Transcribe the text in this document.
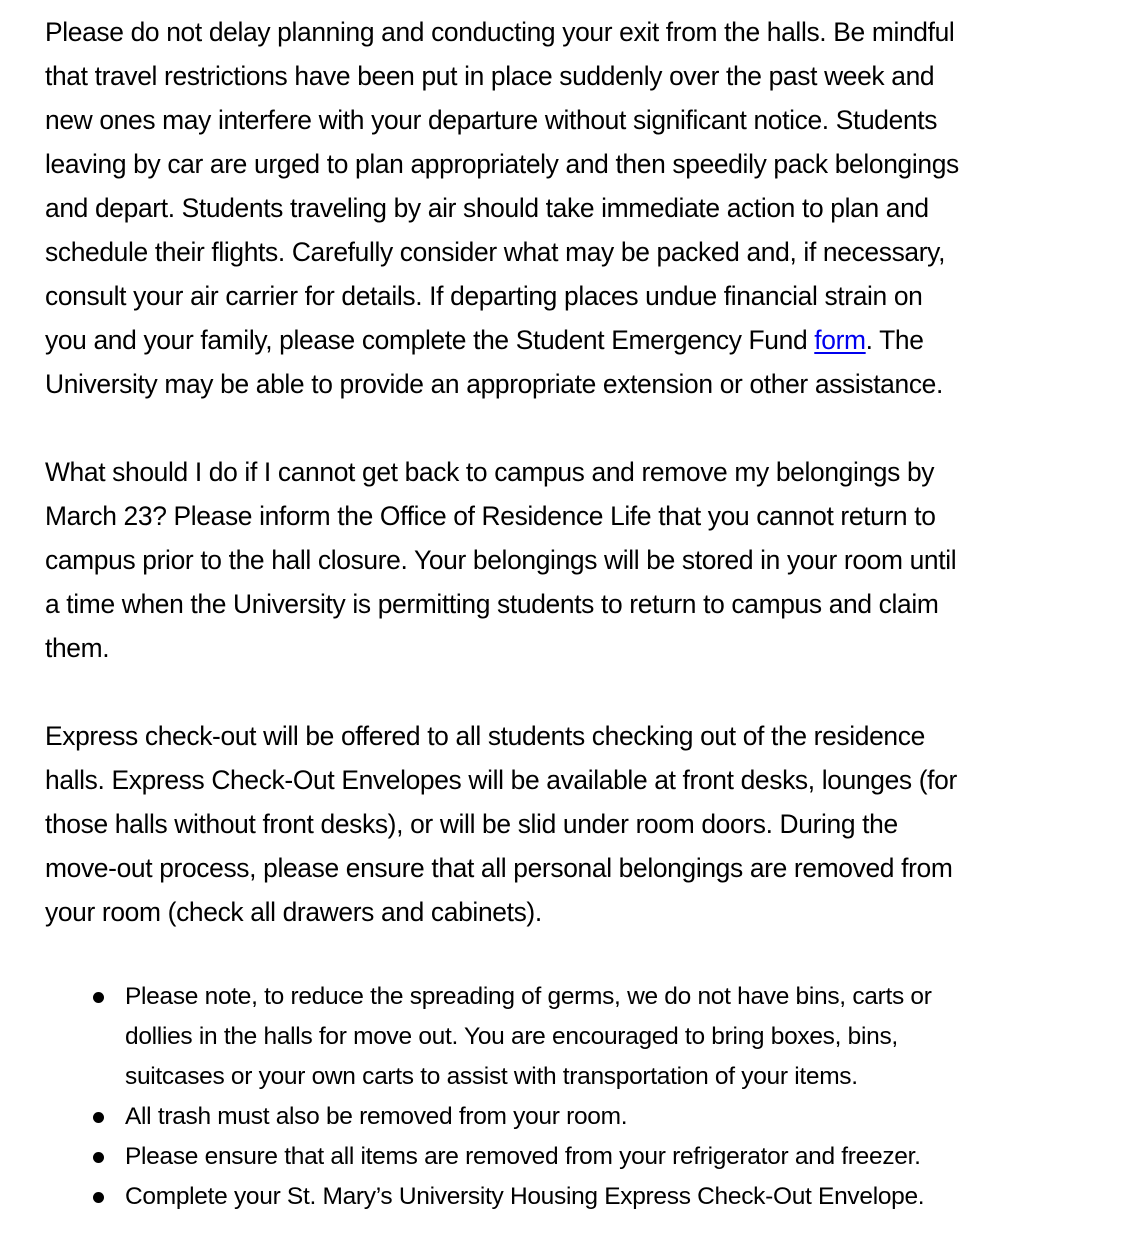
Please do not delay planning and conducting your exit from the halls. Be mindful
that travel restrictions have been put in place suddenly over the past week and
new ones may interfere with your departure without significant notice. Students
leaving by car are urged to plan appropriately and then speedily pack belongings
and depart. Students traveling by air should take immediate action to plan and
schedule their flights. Carefully consider what may be packed and, if necessary,
consult your air carrier for details. If departing places undue financial strain on
you and your family, please complete the Student Emergency Fund form. The
University may be able to provide an appropriate extension or other assistance.

What should I do if I cannot get back to campus and remove my belongings by
March 23? Please inform the Office of Residence Life that you cannot return to
campus prior to the hall closure. Your belongings will be stored in your room until
a time when the University is permitting students to return to campus and claim
them.

Express check-out will be offered to all students checking out of the residence
halls. Express Check-Out Envelopes will be available at front desks, lounges (for
those halls without front desks), or will be slid under room doors. During the
move-out process, please ensure that all personal belongings are removed from
your room (check all drawers and cabinets).

Please note, to reduce the spreading of germs, we do not have bins, carts or
dollies in the halls for move out. You are encouraged to bring boxes, bins,
suitcases or your own carts to assist with transportation of your items.
All trash must also be removed from your room.
Please ensure that all items are removed from your refrigerator and freezer.
Complete your St. Mary’s University Housing Express Check-Out Envelope.
